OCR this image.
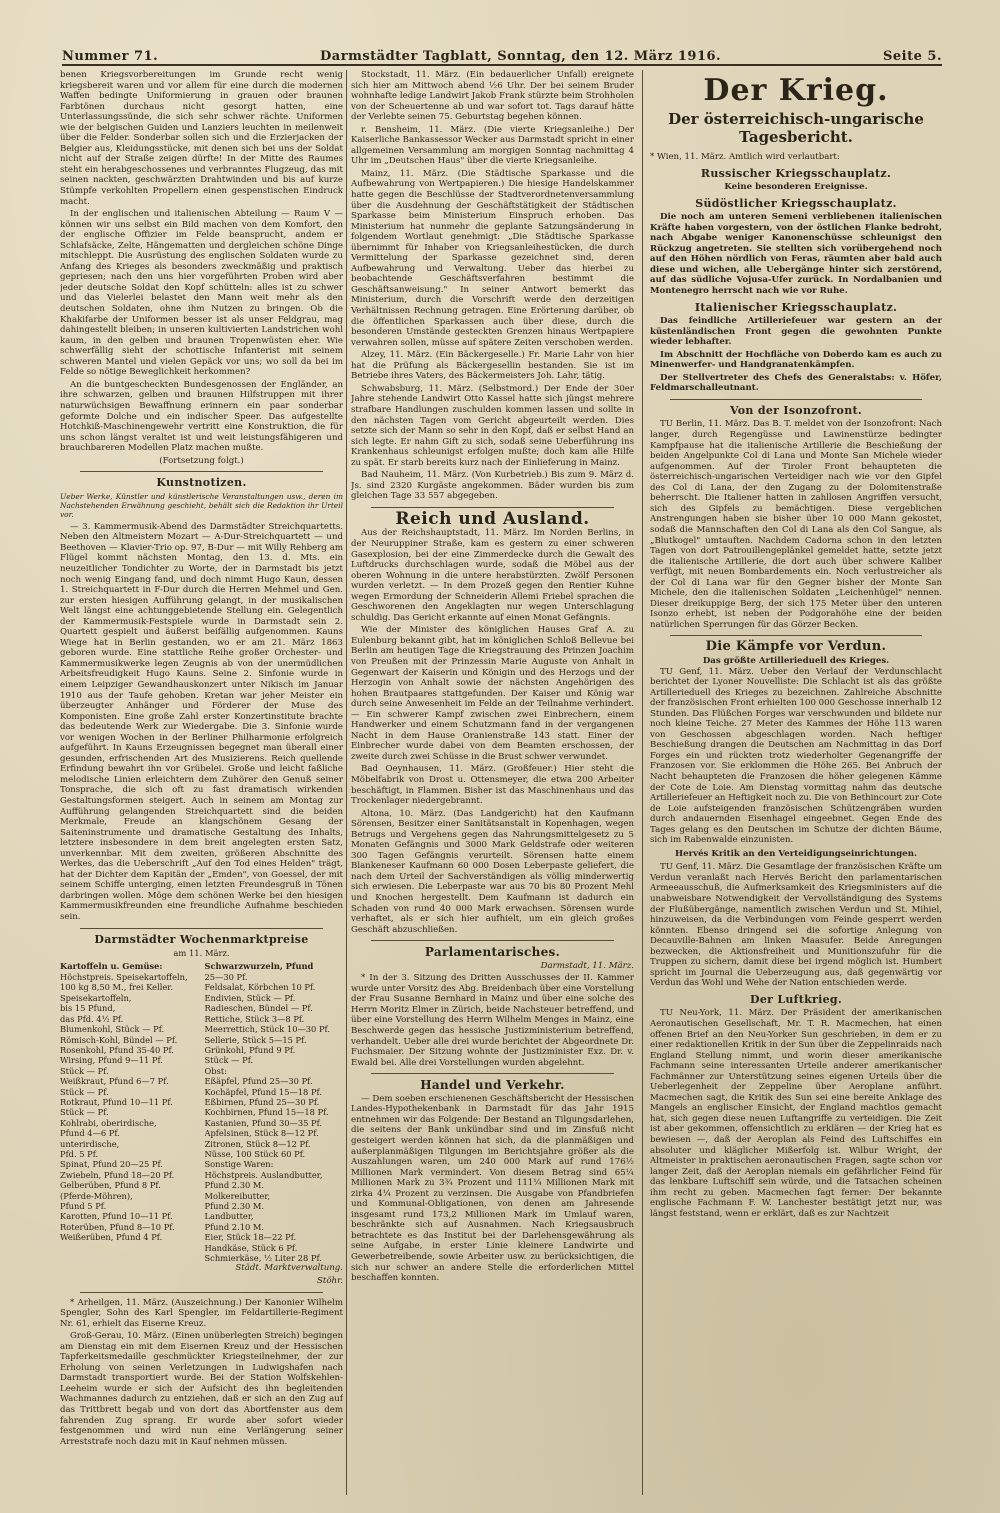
Nummer 71.	Darmstädter Tagblatt, Sonntag, den 12. März 1916.	Seite 5.

benen Kriegsvorbereitungen im Grunde recht wenig kriegsbereit waren und vor allem für eine durch die modernen Waffen bedingte Uniformierung in grauen oder braunen Farbtönen durchaus nicht gesorgt hatten, eine Unterlassungssünde, die sich sehr schwer rächte. Uniformen wie der belgischen Guiden und Lanziers leuchten in meilenweit über die Felder. Sonderbar sollen sich und die Erzierjacken der Belgier aus, Kleidungsstücke, mit denen sich bei uns der Soldat nicht auf der Straße zeigen dürfte! In der Mitte des Raumes steht ein herabgeschossenes und verbranntes Flugzeug, das mit seinen nackten, geschwärzten Drahtwinden und bis auf kurze Stümpfe verkohlten Propellern einen gespenstischen Eindruck macht.

In der englischen und italienischen Abteilung — Raum V — können wir uns selbst ein Bild machen von dem Komfort, den der englische Offizier im Felde beansprucht, andem er Schlafsäcke, Zelte, Hängematten und dergleichen schöne Dinge mitschleppt. Die Ausrüstung des englischen Soldaten wurde zu Anfang des Krieges als besonders zweckmäßig und praktisch gepriesen; nach den uns hier vorgeführten Proben wird aber jeder deutsche Soldat den Kopf schütteln: alles ist zu schwer und das Vielerlei belastet den Mann weit mehr als den deutschen Soldaten, ohne ihm Nutzen zu bringen. Ob die Khakifarbe der Uniformen besser ist als unser Feldgrau, mag dahingestellt bleiben; in unseren kultivierten Landstrichen wohl kaum, in den gelben und braunen Tropenwüsten eher. Wie schwerfällig sieht der schottische Infanterist mit seinem schweren Mantel und vielen Gepäck vor uns; wo soll da bei im Felde so nötige Beweglichkeit herkommen?

An die buntgescheckten Bundesgenossen der Engländer, an ihre schwarzen, gelben und braunen Hilfstruppen mit ihrer naturwüchsigen Bewaffnung erinnern ein paar sonderbar geformte Dolche und ein indischer Speer. Das aufgestellte Hotchkiß-Maschinengewehr vertritt eine Konstruktion, die für uns schon längst veraltet ist und weit leistungsfähigeren und brauchbareren Modellen Platz machen mußte.

(Fortsetzung folgt.)

Kunstnotizen.
Ueber Werke, Künstler und künstlerische Veranstaltungen usw., deren im Nachstehenden Erwähnung geschieht, behält sich die Redaktion ihr Urteil vor.

— 3. Kammermusik-Abend des Darmstädter Streichquartetts. Neben den Altmeistern Mozart — A-Dur-Streichquartett — und Beethoven — Klavier-Trio op. 97, B-Dur — mit Willy Rehberg am Flügel kommt nächsten Montag, den 13. d. Mts. ein neuzeitlicher Tondichter zu Worte, der in Darmstadt bis jetzt noch wenig Eingang fand, und doch nimmt Hugo Kaun, dessen 1. Streichquartett in F-Dur durch die Herren Mehmel und Gen. zur ersten hiesigen Aufführung gelangt, in der musikalischen Welt längst eine achtunggebietende Stellung ein. Gelegentlich der Kammermusik-Festspiele wurde in Darmstadt sein 2. Quartett gespielt und äußerst beifällig aufgenommen. Kauns Wiege hat in Berlin gestanden, wo er am 21. März 1863 geboren wurde. Eine stattliche Reihe großer Orchester- und Kammermusikwerke legen Zeugnis ab von der unermüdlichen Arbeitsfreudigkeit Hugo Kauns. Seine 2. Sinfonie wurde in einem Leipziger Gewandhauskonzert unter Nikisch im Januar 1910 aus der Taufe gehoben. Kretan war jeher Meister ein überzeugter Anhänger und Förderer der Muse des Komponisten. Eine große Zahl erster Konzertinstitute brachte das bedeutende Werk zur Wiedergabe. Die 3. Sinfonie wurde vor wenigen Wochen in der Berliner Philharmonie erfolgreich aufgeführt. In Kauns Erzeugnissen begegnet man überall einer gesunden, erfrischenden Art des Musizierens. Reich quellende Erfindung bewahrt ihn vor Grübelei. Große und leicht faßliche melodische Linien erleichtern dem Zuhörer den Genuß seiner Tonsprache, die sich oft zu fast dramatisch wirkenden Gestaltungsformen steigert. Auch in seinem am Montag zur Aufführung gelangenden Streichquartett sind die beiden Merkmale, Freude an klangschönem Gesang der Saiteninstrumente und dramatische Gestaltung des Inhalts, letztere insbesondere in dem breit angelegten ersten Satz, unverkennbar. Mit dem zweiten, größeren Abschnitte des Werkes, das die Ueberschrift „Auf den Tod eines Helden" trägt, hat der Dichter dem Kapitän der „Emden", von Goessel, der mit seinem Schiffe unterging, einen letzten Freundesgruß in Tönen darbringen wollen. Möge dem schönen Werke bei den hiesigen Kammermusikfreunden eine freundliche Aufnahme beschieden sein.

Darmstädter Wochenmarktpreise
am 11. März.
Kartoffeln u. Gemüse:
Höchstpreis. Speisekartoffeln,
100 kg 8,50 M., frei Keller.
Speisekartoffeln,
bis 15 Pfund,
das Pfd. 4½ Pf.
Blumenkohl, Stück — Pf.
Römisch-Kohl, Bündel — Pf.
Rosenkohl, Pfund 35-40 Pf.
Wirsing, Pfund 9—11 Pf.
Stück — Pf.
Weißkraut, Pfund 6—7 Pf.
Stück — Pf.
Rotkraut, Pfund 10—11 Pf.
Stück — Pf.
Kohlrabi, oberirdische,
Pfund 4—6 Pf.
unterirdische,
Pfd. 5 Pf.
Spinat, Pfund 20—25 Pf.
Zwiebeln, Pfund 18—20 Pf.
Gelberüben, Pfund 8 Pf.
(Pferde-Möhren),
Pfund 5 Pf.
Karotten, Pfund 10—11 Pf.
Roterüben, Pfund 8—10 Pf.
Weißerüben, Pfund 4 Pf.
Schwarzwurzeln, Pfund
25—30 Pf.
Feldsalat, Körbchen 10 Pf.
Endivien, Stück — Pf.
Radieschen, Bündel — Pf.
Rettiche, Stück 3—8 Pf.
Meerrettich, Stück 10—30 Pf.
Sellerie, Stück 5—15 Pf.
Grünkohl, Pfund 9 Pf.
Stück — Pf.
Obst:
Eßäpfel, Pfund 25—30 Pf.
Kochäpfel, Pfund 15—18 Pf.
Eßbirnen, Pfund 25—30 Pf.
Kochbirnen, Pfund 15—18 Pf.
Kastanien, Pfund 30—35 Pf.
Apfelsinen, Stück 8—12 Pf.
Zitronen, Stück 8—12 Pf.
Nüsse, 100 Stück 60 Pf.
Sonstige Waren:
Höchstpreis. Auslandbutter,
Pfund 2.30 M.
Molkereibutter,
Pfund 2.30 M.
Landbutter,
Pfund 2.10 M.
Eier, Stück 18—22 Pf.
Handkäse, Stück 6 Pf.
Schmierkäse, ½ Liter 28 Pf.

Städt. Marktverwaltung.

Stöhr.

* Arheilgen, 11. März. (Auszeichnung.) Der Kanonier Wilhelm Spengler, Sohn des Karl Spengler, im Feldartillerie-Regiment Nr. 61, erhielt das Eiserne Kreuz.

Groß-Gerau, 10. März. (Einen unüberlegten Streich) begingen am Dienstag ein mit dem Eisernen Kreuz und der Hessischen Tapferkeitsmedaille geschmückter Kriegsteilnehmer, der zur Erholung von seinen Verletzungen in Ludwigshafen nach Darmstadt transportiert wurde. Bei der Station Wolfskehlen-Leeheim wurde er sich der Aufsicht des ihn begleitenden Wachmannes dadurch zu entziehen, daß er sich an den Zug auf das Trittbrett begab und von dort das Abortfenster aus dem fahrenden Zug sprang. Er wurde aber sofort wieder festgenommen und wird nun eine Verlängerung seiner Arreststrafe noch dazu mit in Kauf nehmen müssen.

Stockstadt, 11. März. (Ein bedauerlicher Unfall) ereignete sich hier am Mittwoch abend ½6 Uhr. Der bei seinem Bruder wohnhafte ledige Landwirt Jakob Frank stürzte beim Strohholen von der Scheuertenne ab und war sofort tot. Tags darauf hätte der Verlebte seinen 75. Geburtstag begehen können.

r. Bensheim, 11. März. (Die vierte Kriegsanleihe.) Der Kaiserliche Bankassessor Wecker aus Darmstadt spricht in einer allgemeinen Versammlung am morgigen Sonntag nachmittag 4 Uhr im „Deutschen Haus" über die vierte Kriegsanleihe.

Mainz, 11. März. (Die Städtische Sparkasse und die Aufbewahrung von Wertpapieren.) Die hiesige Handelskammer hatte gegen die Beschlüsse der Stadtverordnetenversammlung über die Ausdehnung der Geschäftstätigkeit der Städtischen Sparkasse beim Ministerium Einspruch erhoben. Das Ministerium hat nunmehr die geplante Satzungsänderung in folgendem Wortlaut genehmigt: „Die Städtische Sparkasse übernimmt für Inhaber von Kriegsanleihestücken, die durch Vermittelung der Sparkasse gezeichnet sind, deren Aufbewahrung und Verwaltung. Ueber das hierbei zu beobachtende Geschäftsverfahren bestimmt die Geschäftsanweisung." In seiner Antwort bemerkt das Ministerium, durch die Vorschrift werde den derzeitigen Verhältnissen Rechnung getragen. Eine Erörterung darüber, ob die öffentlichen Sparkassen auch über diese, durch die besonderen Umstände gesteckten Grenzen hinaus Wertpapiere verwahren sollen, müsse auf spätere Zeiten verschoben werden.

Alzey, 11. März. (Ein Bäckergeselle.) Fr. Marie Lahr von hier hat die Prüfung als Bäckergesellin bestanden. Sie ist im Betriebe ihres Vaters, des Bäckermeisters Joh. Lahr, tätig.

Schwabsburg, 11. März. (Selbstmord.) Der Ende der 30er Jahre stehende Landwirt Otto Kassel hatte sich jüngst mehrere strafbare Handlungen zuschulden kommen lassen und sollte in den nächsten Tagen vom Gericht abgeurteilt werden. Dies setzte sich der Mann so sehr in den Kopf, daß er selbst Hand an sich legte. Er nahm Gift zu sich, sodaß seine Ueberführung ins Krankenhaus schleunigst erfolgen mußte; doch kam alle Hilfe zu spät. Er starb bereits kurz nach der Einlieferung in Mainz.

Bad Nauheim, 11. März. (Von Kurbetrieb.) Bis zum 9. März d. Js. sind 2320 Kurgäste angekommen. Bäder wurden bis zum gleichen Tage 33 557 abgegeben.

Reich und Ausland.

Aus der Reichshauptstadt, 11. März. Im Norden Berlins, in der Neuruppiner Straße, kam es gestern zu einer schweren Gasexplosion, bei der eine Zimmerdecke durch die Gewalt des Luftdrucks durchschlagen wurde, sodaß die Möbel aus der oberen Wohnung in die untere herabstürzten. Zwölf Personen wurden verletzt. — In dem Prozeß gegen den Rentier Kuhne wegen Ermordung der Schneiderin Allemi Friebel sprachen die Geschworenen den Angeklagten nur wegen Unterschlagung schuldig. Das Gericht erkannte auf einen Monat Gefängnis.

Wie der Minister des königlichen Hauses Graf A. zu Eulenburg bekannt gibt, hat im königlichen Schloß Bellevue bei Berlin am heutigen Tage die Kriegstrauung des Prinzen Joachim von Preußen mit der Prinzessin Marie Auguste von Anhalt in Gegenwart der Kaiserin und Königin und des Herzogs und der Herzogin von Anhalt sowie der nächsten Angehörigen des hohen Brautpaares stattgefunden. Der Kaiser und König war durch seine Anwesenheit im Felde an der Teilnahme verhindert. — Ein schwerer Kampf zwischen zwei Einbrechern, einem Handwerker und einem Schutzmann fand in der vergangenen Nacht in dem Hause Oranienstraße 143 statt. Einer der Einbrecher wurde dabei von dem Beamten erschossen, der zweite durch zwei Schüsse in die Brust schwer verwundet.

Bad Oeynhausen, 11. März. (Großfeuer.) Hier steht die Möbelfabrik von Drost u. Ottensmeyer, die etwa 200 Arbeiter beschäftigt, in Flammen. Bisher ist das Maschinenhaus und das Trockenlager niedergebrannt.

Altona, 10. März. (Das Landgericht) hat den Kaufmann Sörensen, Besitzer einer Sanitätsanstalt in Kopenhagen, wegen Betrugs und Vergehens gegen das Nahrungsmittelgesetz zu 5 Monaten Gefängnis und 3000 Mark Geldstrafe oder weiteren 300 Tagen Gefängnis verurteilt. Sörensen hatte einem Blankeneser Kaufmann 60 000 Dosen Leberpaste geliefert, die nach dem Urteil der Sachverständigen als völlig minderwertig sich erwiesen. Die Leberpaste war aus 70 bis 80 Prozent Mehl und Knochen hergestellt. Dem Kaufmann ist dadurch ein Schaden von rund 40 000 Mark erwachsen. Sörensen wurde verhaftet, als er sich hier aufhielt, um ein gleich großes Geschäft abzuschließen.

Parlamentarisches.

Darmstadt, 11. März.

* In der 3. Sitzung des Dritten Ausschusses der II. Kammer wurde unter Vorsitz des Abg. Breidenbach über eine Vorstellung der Frau Susanne Bernhard in Mainz und über eine solche des Herrn Moritz Elmer in Zürich, beide Nachsteuer betreffend, und über eine Vorstellung des Herrn Wilhelm Menges in Mainz, eine Beschwerde gegen das hessische Justizministerium betreffend, verhandelt. Ueber alle drei wurde berichtet der Abgeordnete Dr. Fuchsmaier. Der Sitzung wohnte der Justizminister Exz. Dr. v. Ewald bei. Alle drei Vorstellungen wurden abgelehnt.

Handel und Verkehr.

— Dem soeben erschienenen Geschäftsbericht der Hessischen Landes-Hypothekenbank in Darmstadt für das Jahr 1915 entnehmen wir das Folgende: Der Bestand an Tilgungsdarlehen, die seitens der Bank unkündbar sind und im Zinsfuß nicht gesteigert werden können hat sich, da die planmäßigen und außerplanmäßigen Tilgungen im Berichtsjahre größer als die Auszahlungen waren, um 240 000 Mark auf rund 176½ Millionen Mark vermindert. Von diesem Betrag sind 65¼ Millionen Mark zu 3¾ Prozent und 111¼ Millionen Mark mit zirka 4¼ Prozent zu verzinsen. Die Ausgabe von Pfandbriefen und Kommunal-Obligationen, von denen am Jahresende insgesamt rund 173,2 Millionen Mark im Umlauf waren, beschränkte sich auf Ausnahmen. Nach Kriegsausbruch betrachtete es das Institut bei der Darlehensgewährung als seine Aufgabe, in erster Linie kleinere Landwirte und Gewerbetreibende, sowie Arbeiter usw. zu berücksichtigen, die sich nur schwer an andere Stelle die erforderlichen Mittel beschaffen konnten.

Der Krieg.
Der österreichisch-ungarische Tagesbericht.

* Wien, 11. März. Amtlich wird verlautbart:

Russischer Kriegsschauplatz.

Keine besonderen Ereignisse.

Südöstlicher Kriegsschauplatz.

Die noch am unteren Semeni verbliebenen italienischen Kräfte haben vorgestern, von der östlichen Flanke bedroht, nach Abgabe weniger Kanonenschüsse schleunigst den Rückzug angetreten. Sie stellten sich vorübergehend noch auf den Höhen nördlich von Feras, räumten aber bald auch diese und wichen, alle Uebergänge hinter sich zerstörend, auf das südliche Vojusa-Ufer zurück. In Nordalbanien und Montenegro herrscht nach wie vor Ruhe.

Italienischer Kriegsschauplatz.

Das feindliche Artilleriefeuer war gestern an der küstenländischen Front gegen die gewohnten Punkte wieder lebhafter.

Im Abschnitt der Hochfläche von Doberdo kam es auch zu Minenwerfer- und Handgranatenkämpfen.

Der Stellvertreter des Chefs des Generalstabs: v. Höfer, Feldmarschalleutnant.

Von der Isonzofront.

TU Berlin, 11. März. Das B. T. meldet von der Isonzofront: Nach langer, durch Regengüsse und Lawinenstürze bedingter Kampfpause hat die italienische Artillerie die Beschießung der beiden Angelpunkte Col di Lana und Monte San Michele wieder aufgenommen. Auf der Tiroler Front behaupteten die österreichisch-ungarischen Verteidiger nach wie vor den Gipfel des Col di Lana, der den Zugang zu der Dolomitenstraße beherrscht. Die Italiener hatten in zahllosen Angriffen versucht, sich des Gipfels zu bemächtigen. Diese vergeblichen Anstrengungen haben sie bisher über 10 000 Mann gekostet, sodaß die Mannschaften den Col di Lana als den Col Sangue, als „Blutkogel" umtauften. Nachdem Cadorna schon in den letzten Tagen von dort Patrouillengeplänkel gemeldet hatte, setzte jetzt die italienische Artillerie, die dort auch über schwere Kaliber verfügt, mit neuen Bombardements ein. Noch verlustreicher als der Col di Lana war für den Gegner bisher der Monte San Michele, den die italienischen Soldaten „Leichenhügel" nennen. Dieser dreikuppige Berg, der sich 175 Meter über den unteren Isonzo erhebt, ist neben der Podgorahöhe eine der beiden natürlichen Sperrungen für das Görzer Becken.

Die Kämpfe vor Verdun.
Das größte Artillerieduell des Krieges.

TU Genf, 11. März. Ueber den Verlauf der Verdunschlacht berichtet der Lyoner Nouvelliste: Die Schlacht ist als das größte Artillerieduell des Krieges zu bezeichnen. Zahlreiche Abschnitte der französischen Front erhielten 100 000 Geschosse innerhalb 12 Stunden. Das Flüßchen Forges war verschwunden und bildete nur noch kleine Teiche. 27 Meter des Kammes der Höhe 113 waren von Geschossen abgeschlagen worden. Nach heftiger Beschießung drangen die Deutschen am Nachmittag in das Dorf Forges ein und rückten trotz wiederholter Gegenangriffe der Franzosen vor. Sie erklommen die Höhe 265. Bei Anbruch der Nacht behaupteten die Franzosen die höher gelegenen Kämme der Cote de Loie. Am Dienstag vormittag nahm das deutsche Artilleriefeuer an Heftigkeit noch zu. Die von Bethincourt zur Cote de Loie aufsteigenden französischen Schützengräben wurden durch andauernden Eisenhagel eingeebnet. Gegen Ende des Tages gelang es den Deutschen im Schutze der dichten Bäume, sich im Rabenwalde einzunisten.

Hervés Kritik an den Verteidigungseinrichtungen.

TU Genf, 11. März. Die Gesamtlage der französischen Kräfte um Verdun veranlaßt nach Hervés Bericht den parlamentarischen Armeeausschuß, die Aufmerksamkeit des Kriegsministers auf die unabweisbare Notwendigkeit der Vervollständigung des Systems der Flußübergänge, namentlich zwischen Verdun und St. Mihiel, hinzuweisen, da die Verbindungen vom Feinde gesperrt werden könnten. Ebenso dringend sei die sofortige Anlegung von Decauville-Bahnen am linken Maasufer. Beide Anregungen bezwecken, die Aktionsfreiheit und Munitionszufuhr für die Truppen zu sichern, damit diese bei irgend möglich ist. Humbert spricht im Journal die Ueberzeugung aus, daß gegenwärtig vor Verdun das Wohl und Wehe der Nation entschieden werde.

Der Luftkrieg.

TU Neu-York, 11. März. Der Präsident der amerikanischen Aeronautischen Gesellschaft, Mr. T. R. Macmechen, hat einen offenen Brief an den Neu-Yorker Sun geschrieben, in dem er zu einer redaktionellen Kritik in der Sun über die Zeppelinraids nach England Stellung nimmt, und worin dieser amerikanische Fachmann seine interessanten Urteile anderer amerikanischer Fachmänner zur Unterstützung seines eigenen Urteils über die Ueberlegenheit der Zeppeline über Aeroplane anführt. Macmechen sagt, die Kritik des Sun sei eine bereite Anklage des Mangels an englischer Einsicht, der England machtlos gemacht hat, sich gegen diese neuen Luftangriffe zu verteidigen. Die Zeit ist aber gekommen, offensichtlich zu erklären — der Krieg hat es bewiesen —, daß der Aeroplan als Feind des Luftschiffes ein absoluter und kläglicher Mißerfolg ist. Wilbur Wright, der Altmeister in praktischen aeronautischen Fragen, sagte schon vor langer Zeit, daß der Aeroplan niemals ein gefährlicher Feind für das lenkbare Luftschiff sein würde, und die Tatsachen scheinen ihm recht zu geben. Macmechen fagt ferner: Der bekannte englische Fachmann F. W. Lanchester bestätigt jetzt nur, was längst feststand, wenn er erklärt, daß es zur Nachtzeit
